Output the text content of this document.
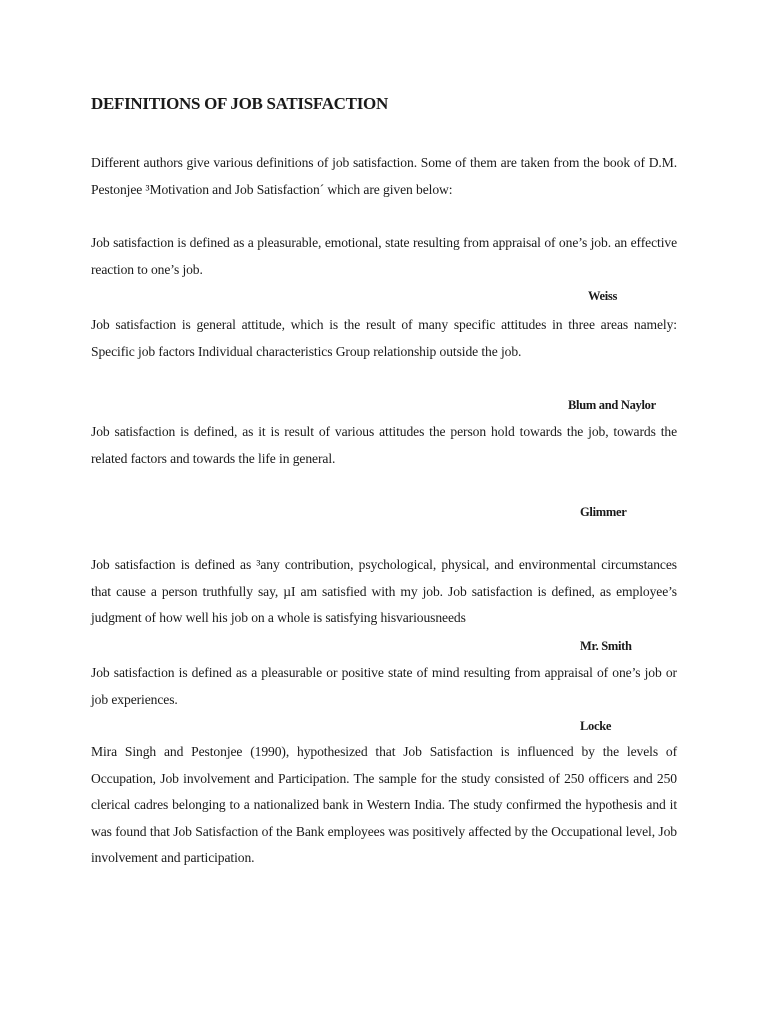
DEFINITIONS OF JOB SATISFACTION

Different authors give various definitions of job satisfaction. Some of them are taken from the book of D.M. Pestonjee ³Motivation and Job Satisfaction´ which are given below:

Job satisfaction is defined as a pleasurable, emotional, state resulting from appraisal of one’s job. an effective reaction to one’s job.

Weiss

Job satisfaction is general attitude, which is the result of many specific attitudes in three areas namely: Specific job factors Individual characteristics Group relationship outside the job.

Blum and Naylor

Job satisfaction is defined, as it is result of various attitudes the person hold towards the job, towards the related factors and towards the life in general.

Glimmer

Job satisfaction is defined as ³any contribution, psychological, physical, and environmental circumstances that cause a person truthfully say, µI am satisfied with my job. Job satisfaction is defined, as employee’s judgment of how well his job on a whole is satisfying hisvariousneeds

Mr. Smith

Job satisfaction is defined as a pleasurable or positive state of mind resulting from appraisal of one’s job or job experiences.

Locke

Mira Singh and Pestonjee (1990), hypothesized that Job Satisfaction is influenced by the levels of Occupation, Job involvement and Participation. The sample for the study consisted of 250 officers and 250 clerical cadres belonging to a nationalized bank in Western India. The study confirmed the hypothesis and it was found that Job Satisfaction of the Bank employees was positively affected by the Occupational level, Job involvement and participation.
